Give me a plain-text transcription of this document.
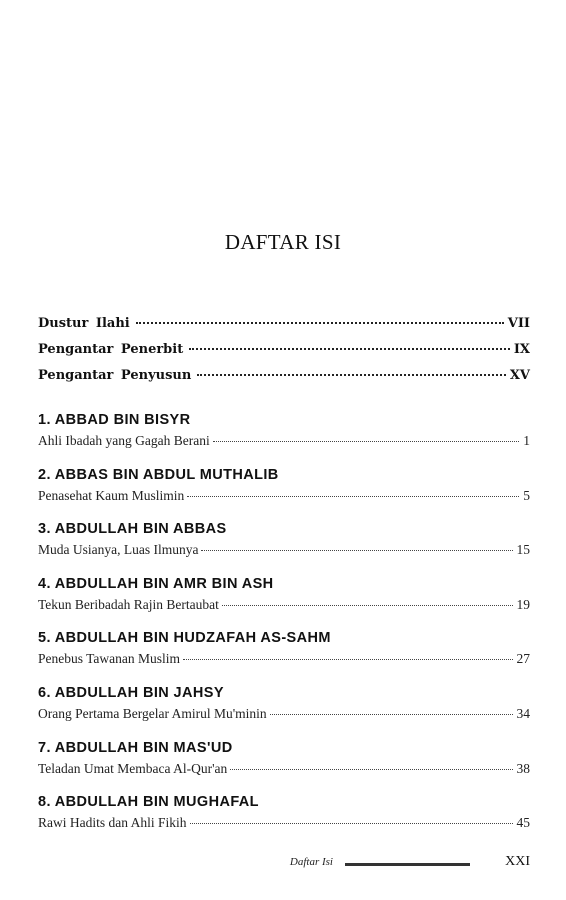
DAFTAR ISI
Dustur Ilahi	VII
Pengantar Penerbit	IX
Pengantar Penyusun	XV
1. ABBAD BIN BISYR
Ahli Ibadah yang Gagah Berani	1
2. ABBAS BIN ABDUL MUTHALIB
Penasehat Kaum Muslimin	5
3. ABDULLAH BIN ABBAS
Muda Usianya, Luas Ilmunya	15
4. ABDULLAH BIN AMR BIN ASH
Tekun Beribadah Rajin Bertaubat	19
5. ABDULLAH BIN HUDZAFAH AS-SAHM
Penebus Tawanan Muslim	27
6. ABDULLAH BIN JAHSY
Orang Pertama Bergelar Amirul Mu'minin	34
7. ABDULLAH BIN MAS'UD
Teladan Umat Membaca Al-Qur'an	38
8. ABDULLAH BIN MUGHAFAL
Rawi Hadits dan Ahli Fikih	45
Daftar Isi	XXI
